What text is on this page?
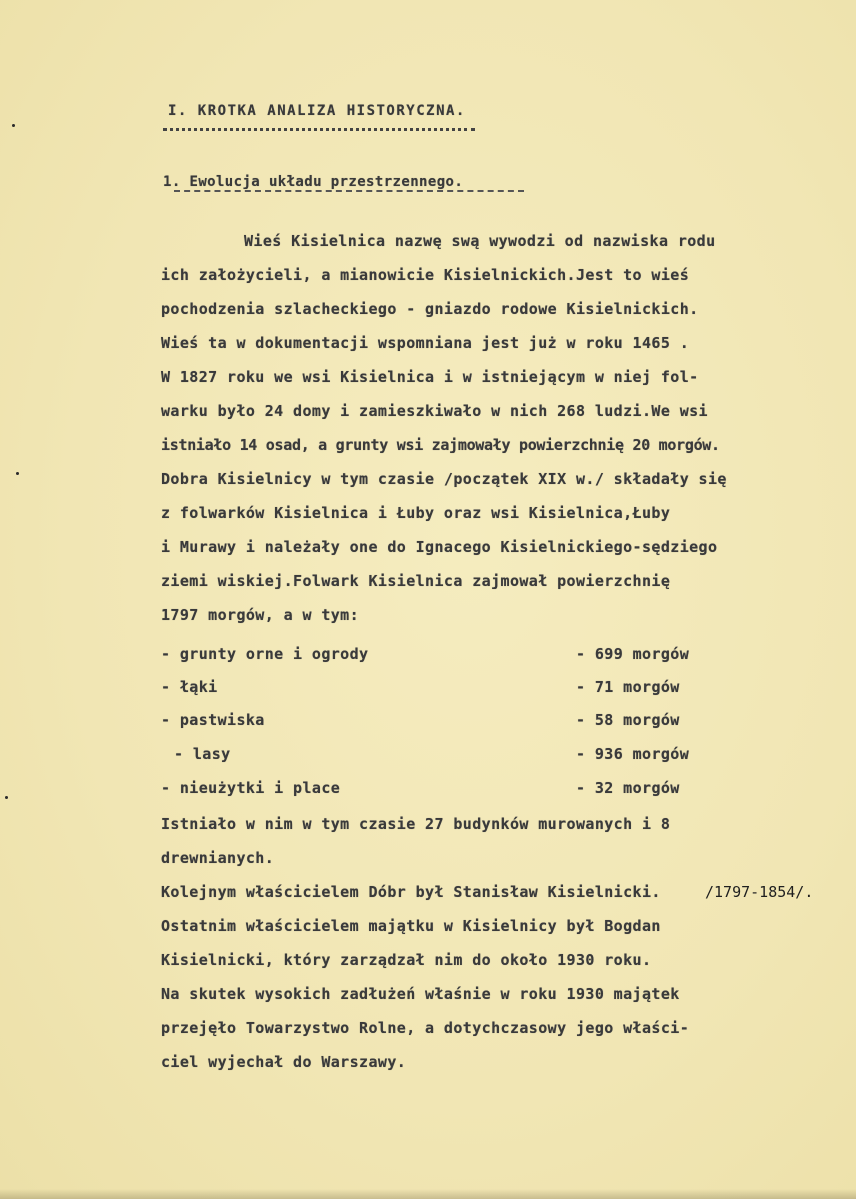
I. KROTKA ANALIZA HISTORYCZNA.
1. Ewolucja układu przestrzennego.
Wieś Kisielnica nazwę swą wywodzi od nazwiska rodu
ich założycieli, a mianowicie Kisielnickich.Jest to wieś
pochodzenia szlacheckiego - gniazdo rodowe Kisielnickich.
Wieś ta w dokumentacji wspomniana jest już w roku 1465 .
W 1827 roku we wsi Kisielnica i w istniejącym w niej fol-
warku było 24 domy i zamieszkiwało w nich 268 ludzi.We wsi
istniało 14 osad, a grunty wsi zajmowały powierzchnię 20 morgów.
Dobra Kisielnicy w tym czasie /początek XIX w./ składały się
z folwarków Kisielnica i Łuby oraz wsi Kisielnica,Łuby
i Murawy i należały one do Ignacego Kisielnickiego-sędziego
ziemi wiskiej.Folwark Kisielnica zajmował powierzchnię
1797 morgów, a w tym:
- grunty orne i ogrody	- 699 morgów
- łąki	- 71 morgów
- pastwiska	- 58 morgów
- lasy	- 936 morgów
- nieużytki i place	- 32 morgów
Istniało w nim w tym czasie 27 budynków murowanych i 8
drewnianych.
Kolejnym właścicielem Dóbr był Stanisław Kisielnicki.	/1797-1854/.
Ostatnim właścicielem majątku w Kisielnicy był Bogdan
Kisielnicki, który zarządzał nim do około 1930 roku.
Na skutek wysokich zadłużeń właśnie w roku 1930 majątek
przejęło Towarzystwo Rolne, a dotychczasowy jego właści-
ciel wyjechał do Warszawy.
